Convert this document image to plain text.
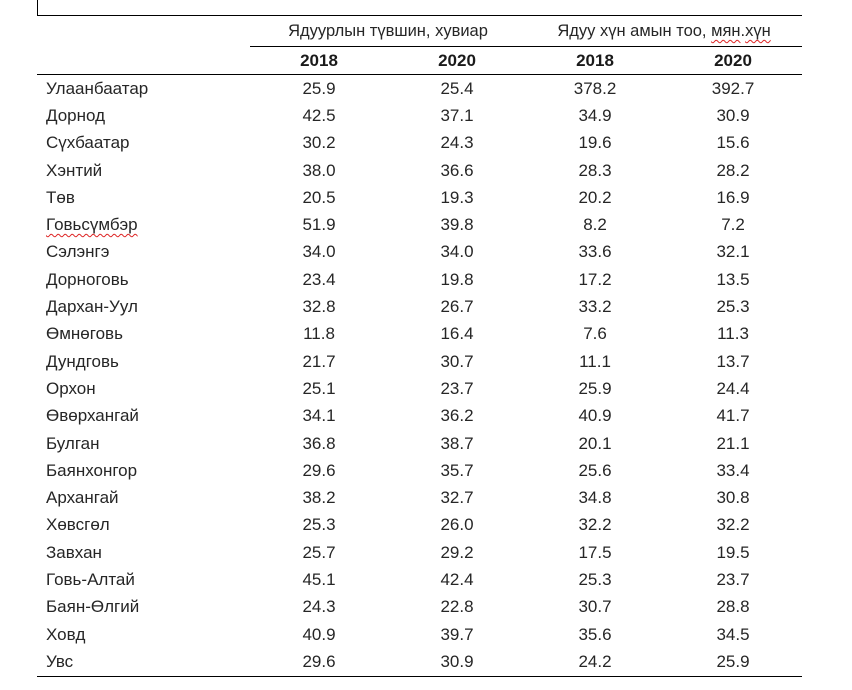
	Ядуурлын түвшин, хувиар		Ядуу хүн амын тоо, мян.хүн	
	2018	2020	2018	2020
Улаанбаатар	25.9	25.4	378.2	392.7
Дорнод	42.5	37.1	34.9	30.9
Сүхбаатар	30.2	24.3	19.6	15.6
Хэнтий	38.0	36.6	28.3	28.2
Төв	20.5	19.3	20.2	16.9
Говьсүмбэр	51.9	39.8	8.2	7.2
Сэлэнгэ	34.0	34.0	33.6	32.1
Дорноговь	23.4	19.8	17.2	13.5
Дархан-Уул	32.8	26.7	33.2	25.3
Өмнөговь	11.8	16.4	7.6	11.3
Дундговь	21.7	30.7	11.1	13.7
Орхон	25.1	23.7	25.9	24.4
Өвөрхангай	34.1	36.2	40.9	41.7
Булган	36.8	38.7	20.1	21.1
Баянхонгор	29.6	35.7	25.6	33.4
Архангай	38.2	32.7	34.8	30.8
Хөвсгөл	25.3	26.0	32.2	32.2
Завхан	25.7	29.2	17.5	19.5
Говь-Алтай	45.1	42.4	25.3	23.7
Баян-Өлгий	24.3	22.8	30.7	28.8
Ховд	40.9	39.7	35.6	34.5
Увс	29.6	30.9	24.2	25.9
